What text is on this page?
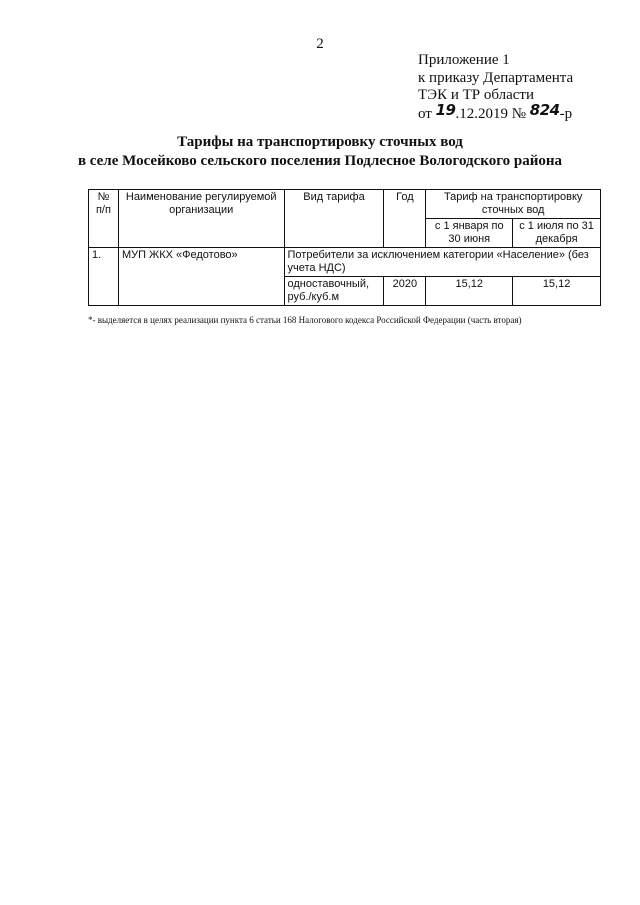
2
Приложение 1
к приказу Департамента
ТЭК и ТР области
от 19.12.2019 № 824-р
Тарифы на транспортировку сточных вод
в селе Мосейково сельского поселения Подлесное Вологодского района
№ п/п	Наименование регулируемой организации	Вид тарифа	Год	Тариф на транспортировку сточных вод	
				с 1 января по 30 июня	с 1 июля по 31 декабря
1.	МУП ЖКХ «Федотово»	Потребители за исключением категории «Население» (без учета НДС)			
		одноставочный, руб./куб.м	2020	15,12	15,12
*- выделяется в целях реализации пункта 6 статьи 168 Налогового кодекса Российской Федерации (часть вторая)
